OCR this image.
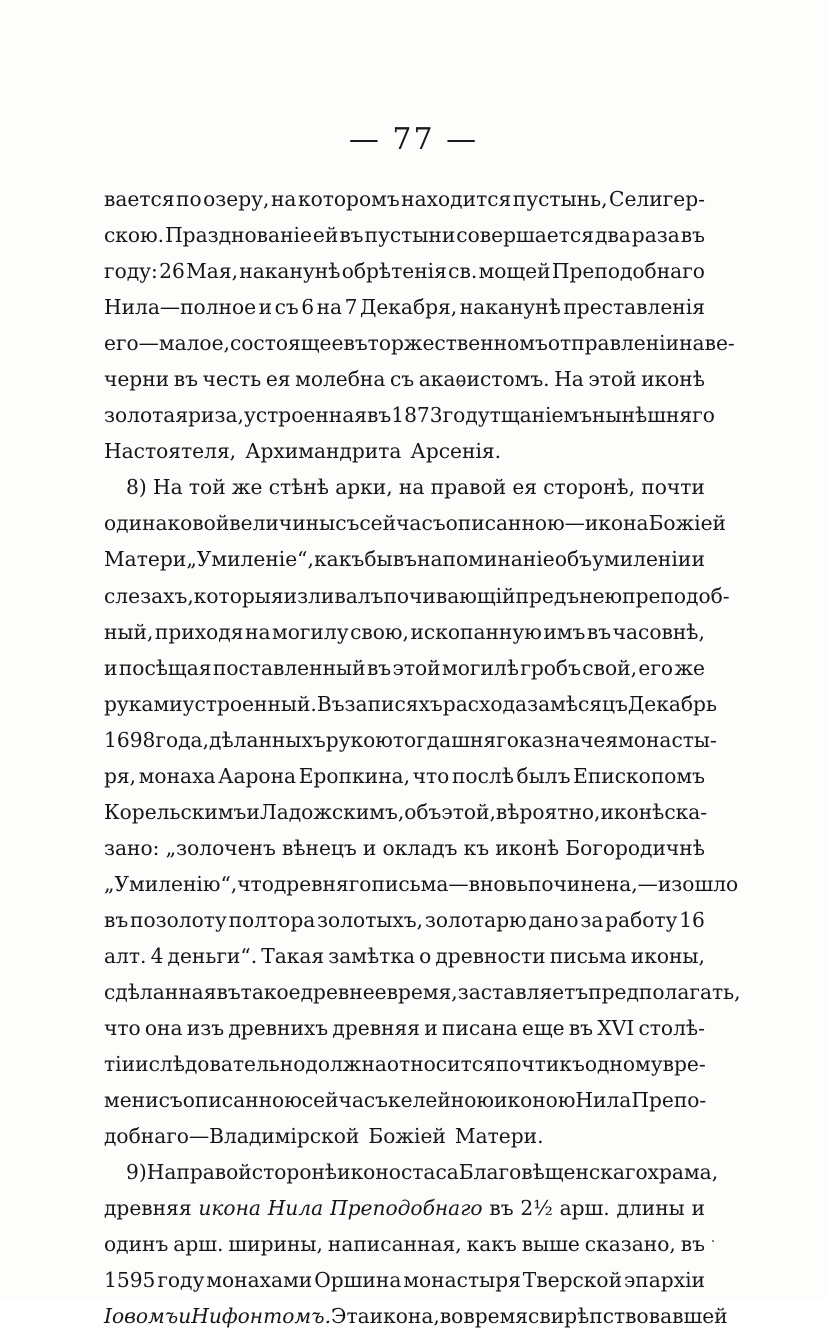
— 77 —
вается по озеру, на которомъ находится пустынь, Селигер-
скою. Празднованіе ей въ пустыни совершается два раза въ
году: 26 Мая, наканунѣ обрѣтенія св. мощей Преподобнаго
Нила—полное и съ 6 на 7 Декабря, наканунѣ преставленія
его—малое, состоящее въ торжественномъ отправленіи на ве-
черни въ честь ея молебна съ акаѳистомъ. На этой иконѣ
золотая риза, устроенная въ 1873 году тщаніемъ нынѣшняго
Настоятеля, Архимандрита Арсенія.
8) На той же стѣнѣ арки, на правой ея сторонѣ, почти
одинаковой величины съ сейчасъ описанною—икона Божіей
Матери „Умиленіе“, какъ бы въ напоминаніе объ умиленіи и
слезахъ, которыя изливалъ почивающій предъ нею преподоб-
ный, приходя на могилу свою, ископанную имъ въ часовнѣ,
и посѣщая поставленный въ этой могилѣ гробъ свой, его же
руками устроенный. Въ записяхъ расхода за мѣсяцъ Декабрь
1698 года, дѣланныхъ рукою тогдашняго казначея монасты-
ря, монаха Аарона Еропкина, что послѣ былъ Епископомъ
Корельскимъ и Ладожскимъ, объ этой, вѣроятно, иконѣ ска-
зано: „золоченъ вѣнецъ и окладъ къ иконѣ Богородичнѣ
„Умиленію“, что древняго письма—вновь починена,—изошло
въ позолоту полтора золотыхъ, золотарю дано за работу 16
алт. 4 деньги“. Такая замѣтка о древности письма иконы,
сдѣланная въ такое древнее время, заставляетъ предполагать,
что она изъ древнихъ древняя и писана еще въ XVI столѣ-
тіи и слѣдовательно должна относится почти къ одному вре-
мени съ описанною сейчасъ келейною иконою Нила Препо-
добнаго—Владимірской Божіей Матери.
9) На правой сторонѣ иконостаса Благовѣщенскаго храма,
древняя икона Нила Преподобнаго въ 2½ арш. длины и
одинъ арш. ширины, написанная, какъ выше сказано, въ
1595 году монахами Оршина монастыря Тверской эпархіи
Іовомъ и Нифонтомъ. Эта икона, во время свирѣпствовавшей
